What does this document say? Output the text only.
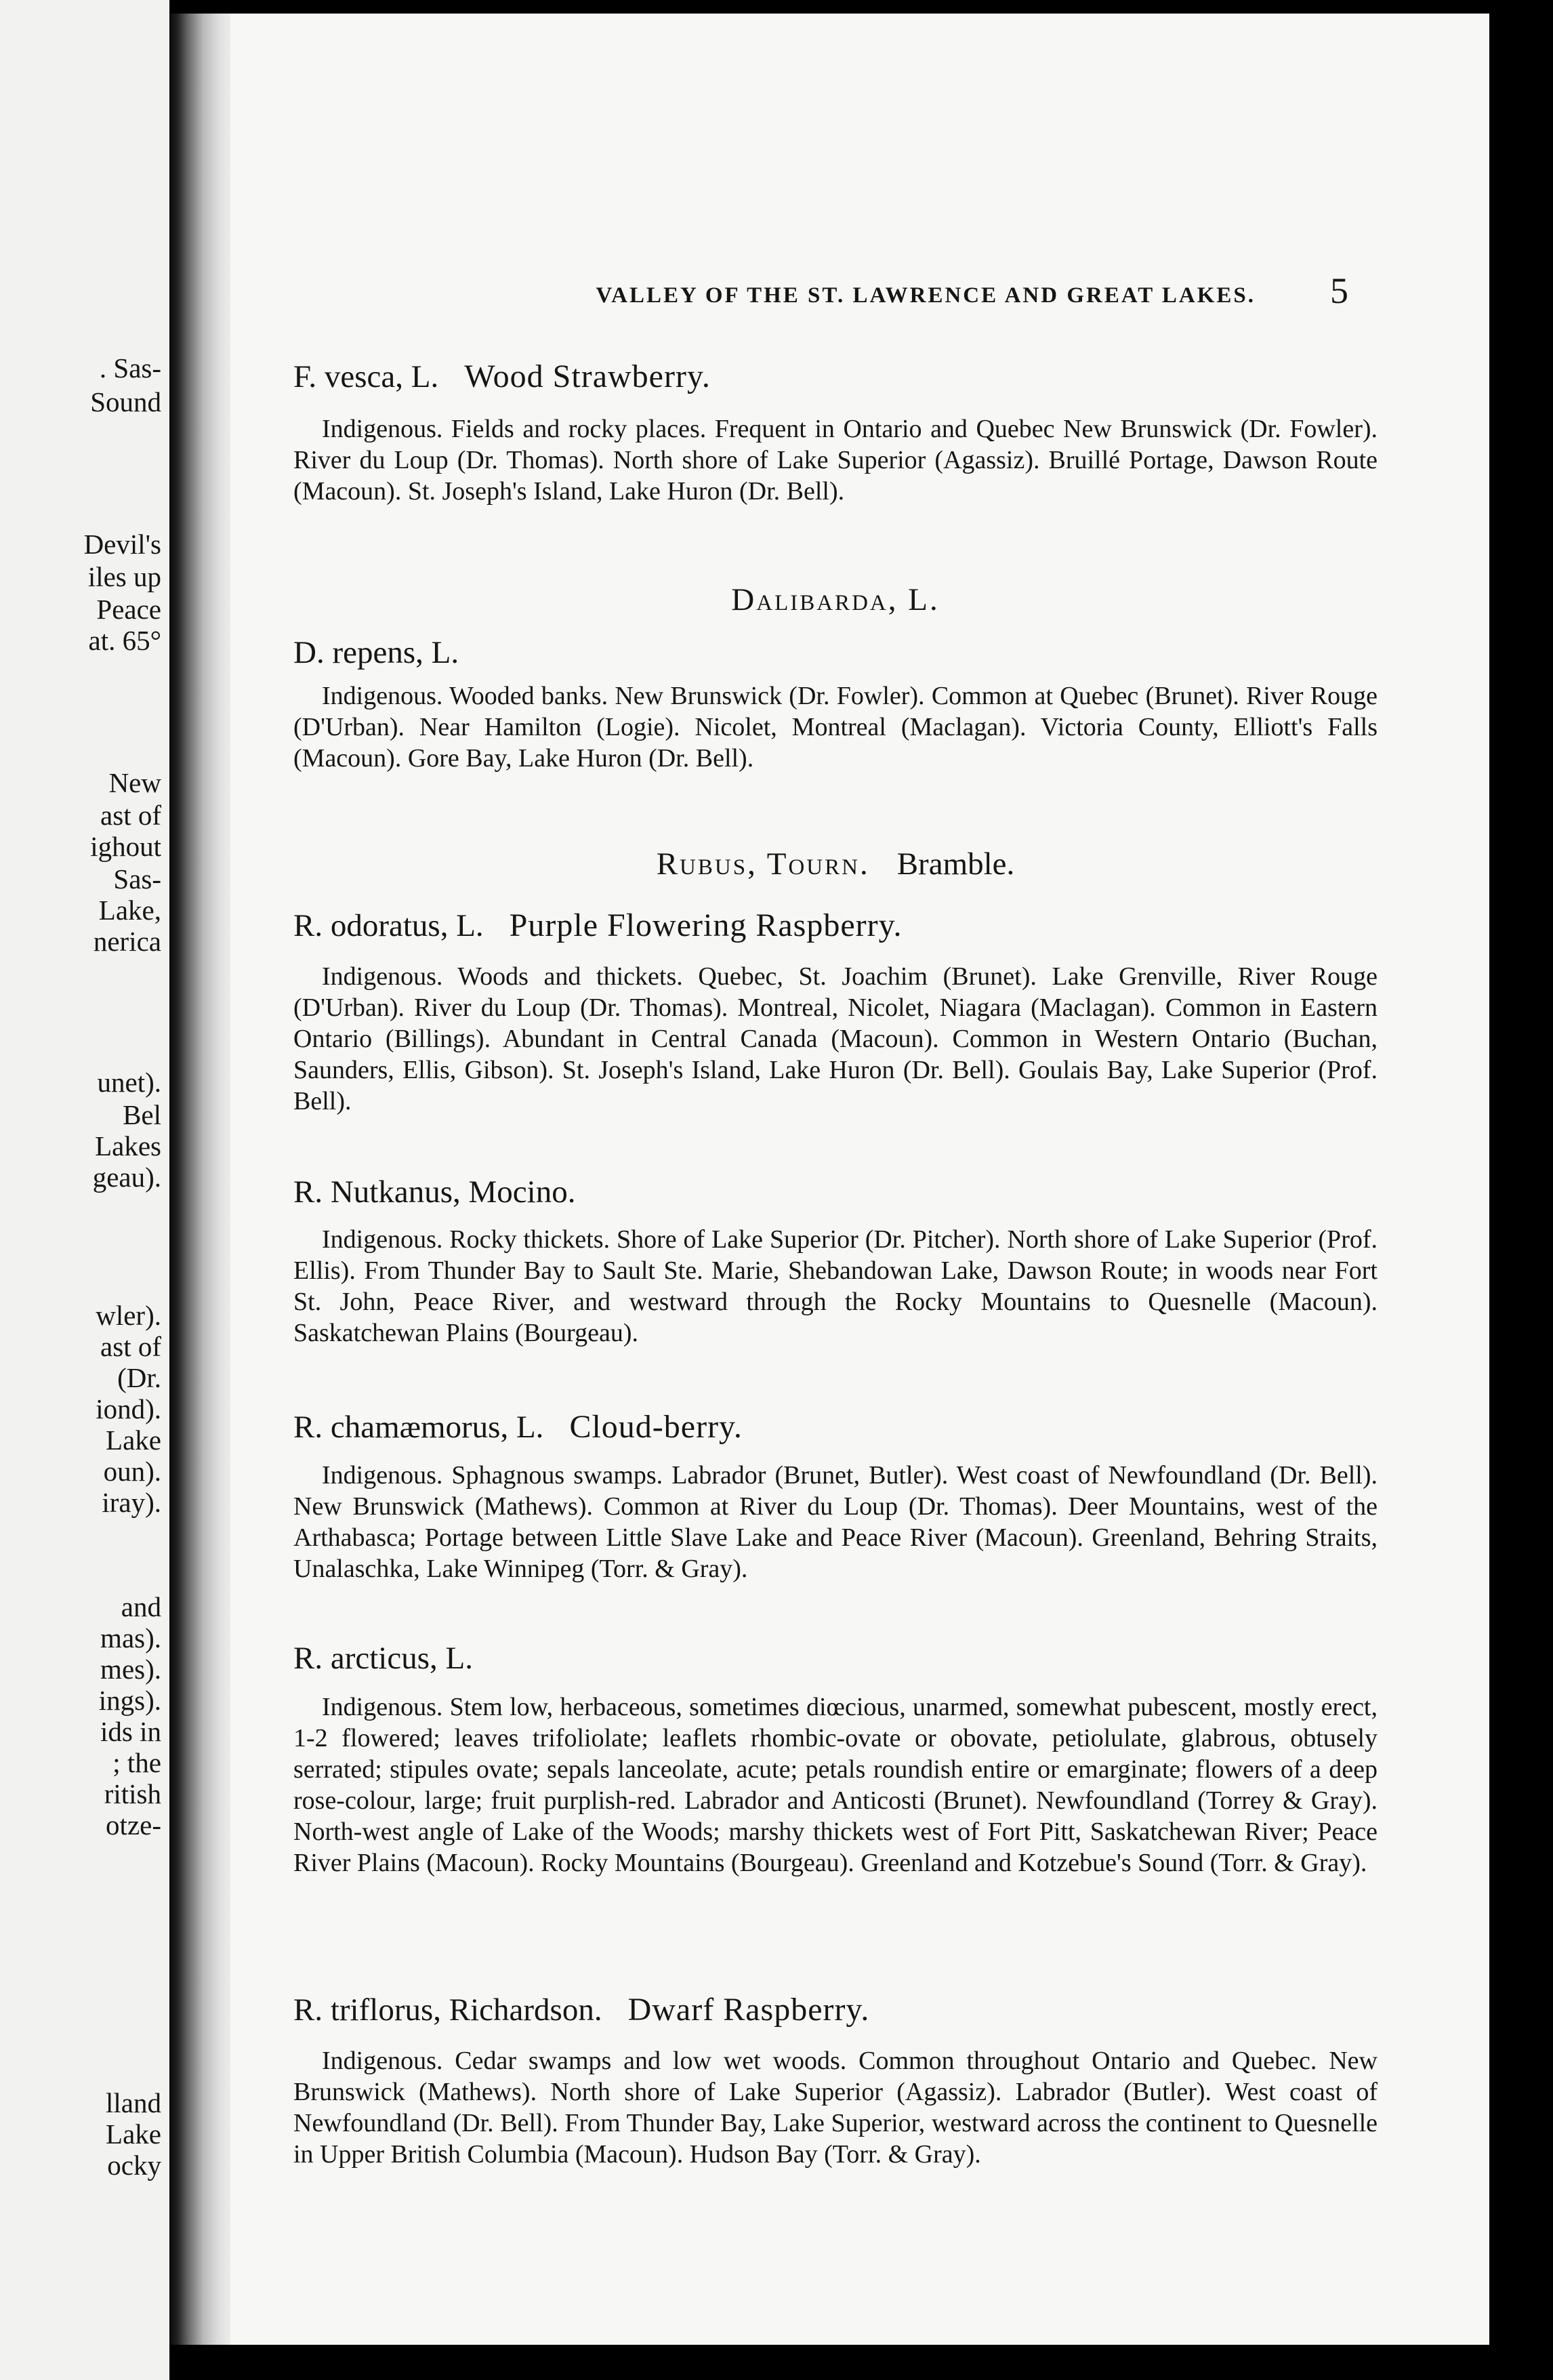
. Sas-
Sound
Devil's
iles up
Peace
at. 65°
New
ast of
ighout
Sas-
Lake,
nerica
unet).
Bel
Lakes
geau).
wler).
ast of
(Dr.
iond).
Lake
oun).
iray).
and
mas).
mes).
ings).
ids in
; the
ritish
otze-
lland
Lake
ocky
VALLEY OF THE ST. LAWRENCE AND GREAT LAKES. 5
F. vesca, L. Wood Strawberry.

Indigenous. Fields and rocky places. Frequent in Ontario and Quebec New Brunswick (Dr. Fowler). River du Loup (Dr. Thomas). North shore of Lake Superior (Agassiz). Bruillé Portage, Dawson Route (Macoun). St. Joseph's Island, Lake Huron (Dr. Bell).

Dalibarda, L.
D. repens, L.

Indigenous. Wooded banks. New Brunswick (Dr. Fowler). Common at Quebec (Brunet). River Rouge (D'Urban). Near Hamilton (Logie). Nicolet, Montreal (Maclagan). Victoria County, Elliott's Falls (Macoun). Gore Bay, Lake Huron (Dr. Bell).

Rubus, Tourn. Bramble.
R. odoratus, L. Purple Flowering Raspberry.

Indigenous. Woods and thickets. Quebec, St. Joachim (Brunet). Lake Grenville, River Rouge (D'Urban). River du Loup (Dr. Thomas). Montreal, Nicolet, Niagara (Maclagan). Common in Eastern Ontario (Billings). Abundant in Central Canada (Macoun). Common in Western Ontario (Buchan, Saunders, Ellis, Gibson). St. Joseph's Island, Lake Huron (Dr. Bell). Goulais Bay, Lake Superior (Prof. Bell).

R. Nutkanus, Mocino.

Indigenous. Rocky thickets. Shore of Lake Superior (Dr. Pitcher). North shore of Lake Superior (Prof. Ellis). From Thunder Bay to Sault Ste. Marie, Shebandowan Lake, Dawson Route; in woods near Fort St. John, Peace River, and westward through the Rocky Mountains to Quesnelle (Macoun). Saskatchewan Plains (Bourgeau).

R. chamæmorus, L. Cloud-berry.

Indigenous. Sphagnous swamps. Labrador (Brunet, Butler). West coast of Newfoundland (Dr. Bell). New Brunswick (Mathews). Common at River du Loup (Dr. Thomas). Deer Mountains, west of the Arthabasca; Portage between Little Slave Lake and Peace River (Macoun). Greenland, Behring Straits, Unalaschka, Lake Winnipeg (Torr. & Gray).

R. arcticus, L.

Indigenous. Stem low, herbaceous, sometimes diœcious, unarmed, somewhat pubescent, mostly erect, 1-2 flowered; leaves trifoliolate; leaflets rhombic-ovate or obovate, petiolulate, glabrous, obtusely serrated; stipules ovate; sepals lanceolate, acute; petals roundish entire or emarginate; flowers of a deep rose-colour, large; fruit purplish-red. Labrador and Anticosti (Brunet). Newfoundland (Torrey & Gray). North-west angle of Lake of the Woods; marshy thickets west of Fort Pitt, Saskatchewan River; Peace River Plains (Macoun). Rocky Mountains (Bourgeau). Greenland and Kotzebue's Sound (Torr. & Gray).

R. triflorus, Richardson. Dwarf Raspberry.

Indigenous. Cedar swamps and low wet woods. Common throughout Ontario and Quebec. New Brunswick (Mathews). North shore of Lake Superior (Agassiz). Labrador (Butler). West coast of Newfoundland (Dr. Bell). From Thunder Bay, Lake Superior, westward across the continent to Quesnelle in Upper British Columbia (Macoun). Hudson Bay (Torr. & Gray).
